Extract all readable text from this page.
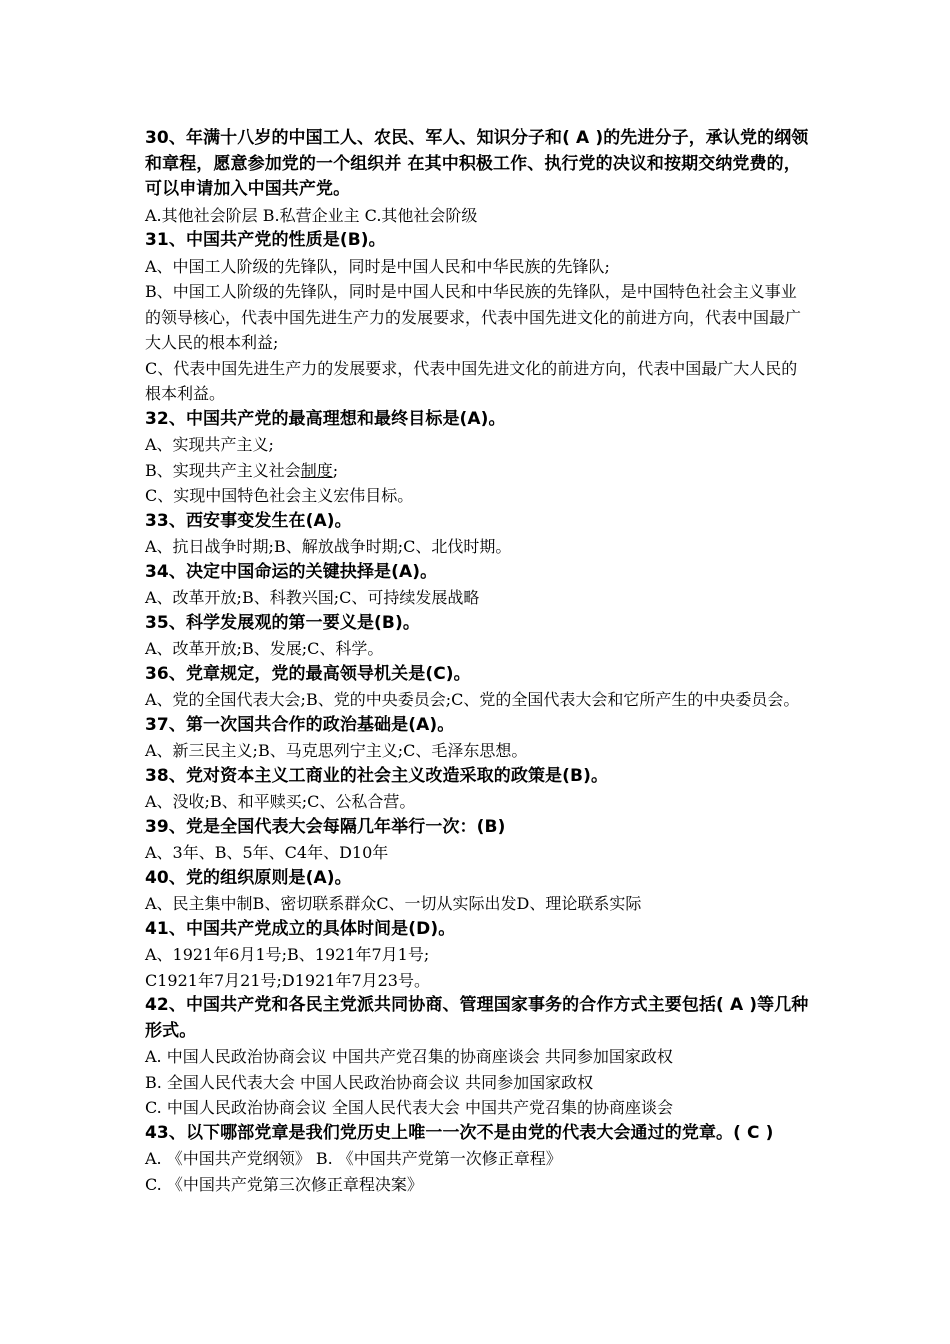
30、年满十八岁的中国工人、农民、军人、知识分子和( A )的先进分子，承认党的纲领和章程，愿意参加党的一个组织并 在其中积极工作、执行党的决议和按期交纳党费的，可以申请加入中国共产党。

A.其他社会阶层 B.私营企业主 C.其他社会阶级

31、中国共产党的性质是(B)。

A、中国工人阶级的先锋队，同时是中国人民和中华民族的先锋队;

B、中国工人阶级的先锋队，同时是中国人民和中华民族的先锋队，是中国特色社会主义事业的领导核心，代表中国先进生产力的发展要求，代表中国先进文化的前进方向，代表中国最广大人民的根本利益;

C、代表中国先进生产力的发展要求，代表中国先进文化的前进方向，代表中国最广大人民的根本利益。

32、中国共产党的最高理想和最终目标是(A)。

A、实现共产主义;

B、实现共产主义社会制度;

C、实现中国特色社会主义宏伟目标。

33、西安事变发生在(A)。

A、抗日战争时期;B、解放战争时期;C、北伐时期。

34、决定中国命运的关键抉择是(A)。

A、改革开放;B、科教兴国;C、可持续发展战略

35、科学发展观的第一要义是(B)。

A、改革开放;B、发展;C、科学。

36、党章规定，党的最高领导机关是(C)。

A、党的全国代表大会;B、党的中央委员会;C、党的全国代表大会和它所产生的中央委员会。

37、第一次国共合作的政治基础是(A)。

A、新三民主义;B、马克思列宁主义;C、毛泽东思想。

38、党对资本主义工商业的社会主义改造采取的政策是(B)。

A、没收;B、和平赎买;C、公私合营。

39、党是全国代表大会每隔几年举行一次：(B)

A、3年、B、5年、C4年、D10年

40、党的组织原则是(A)。

A、民主集中制B、密切联系群众C、一切从实际出发D、理论联系实际

41、中国共产党成立的具体时间是(D)。

A、1921年6月1号;B、1921年7月1号;

C1921年7月21号;D1921年7月23号。

42、中国共产党和各民主党派共同协商、管理国家事务的合作方式主要包括( A )等几种形式。

A. 中国人民政治协商会议 中国共产党召集的协商座谈会 共同参加国家政权

B. 全国人民代表大会 中国人民政治协商会议 共同参加国家政权

C. 中国人民政治协商会议 全国人民代表大会 中国共产党召集的协商座谈会

43、以下哪部党章是我们党历史上唯一一次不是由党的代表大会通过的党章。( C )

A. 《中国共产党纲领》 B. 《中国共产党第一次修正章程》

C. 《中国共产党第三次修正章程决案》
